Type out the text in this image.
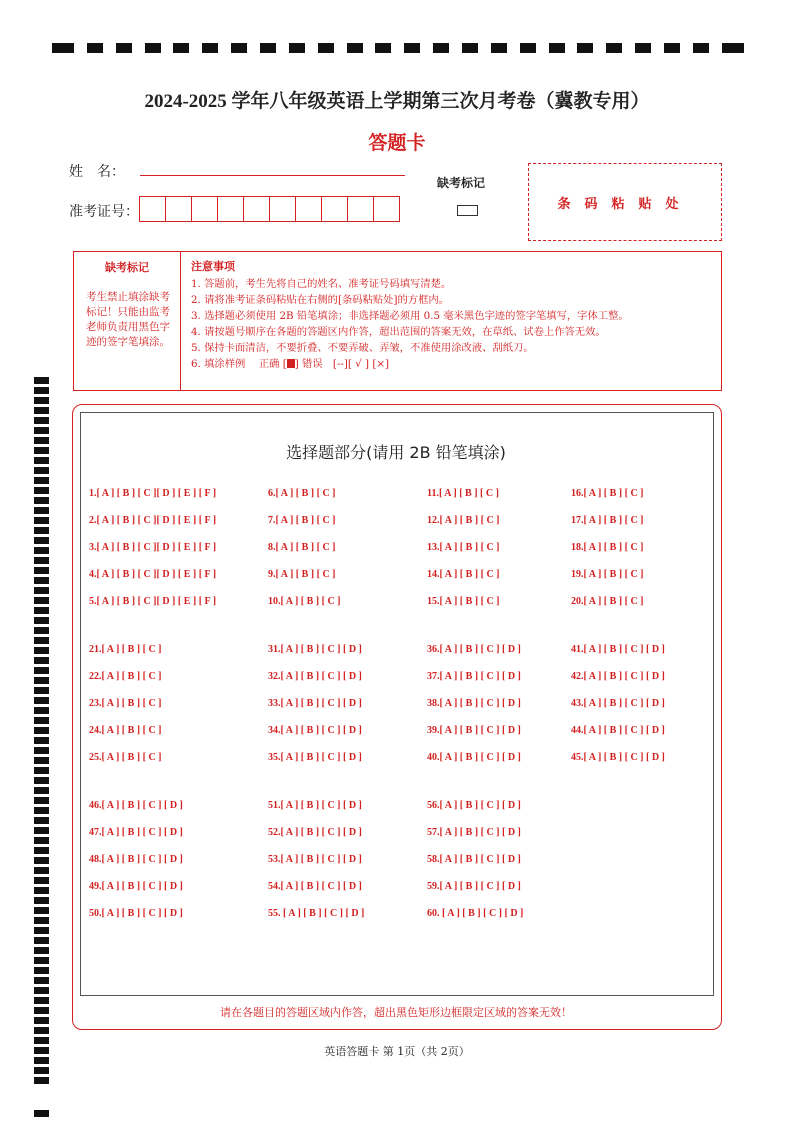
2024-2025 学年八年级英语上学期第三次月考卷（冀教专用）
答题卡
姓　名：
准考证号：
缺考标记
条码粘贴处
缺考标记
考生禁止填涂缺考标记！只能由监考老师负责用黑色字迹的签字笔填涂。
注意事项
1. 答题前，考生先将自己的姓名、准考证号码填写清楚。
2. 请将准考证条码粘贴在右侧的[条码粘贴处]的方框内。
3. 选择题必须使用 2B 铅笔填涂；非选择题必须用 0.5 毫米黑色字迹的签字笔填写，字体工整。
4. 请按题号顺序在各题的答题区内作答，超出范围的答案无效，在草纸、试卷上作答无效。
5. 保持卡面清洁，不要折叠、不要弄破、弄皱，不准使用涂改液、刮纸刀。
6. 填涂样例　 正确 [ ] 错误　[--][ √ ] [×]
选择题部分(请用 2B 铅笔填涂)
1.[ A ] [ B ] [ C ][ D ] [ E ] [ F ]
2.[ A ] [ B ] [ C ][ D ] [ E ] [ F ]
3.[ A ] [ B ] [ C ][ D ] [ E ] [ F ]
4.[ A ] [ B ] [ C ][ D ] [ E ] [ F ]
5.[ A ] [ B ] [ C ][ D ] [ E ] [ F ]
6.[ A ] [ B ] [ C ]
7.[ A ] [ B ] [ C ]
8.[ A ] [ B ] [ C ]
9.[ A ] [ B ] [ C ]
10.[ A ] [ B ] [ C ]
11.[ A ] [ B ] [ C ]
12.[ A ] [ B ] [ C ]
13.[ A ] [ B ] [ C ]
14.[ A ] [ B ] [ C ]
15.[ A ] [ B ] [ C ]
16.[ A ] [ B ] [ C ]
17.[ A ] [ B ] [ C ]
18.[ A ] [ B ] [ C ]
19.[ A ] [ B ] [ C ]
20.[ A ] [ B ] [ C ]
21.[ A ] [ B ] [ C ]
22.[ A ] [ B ] [ C ]
23.[ A ] [ B ] [ C ]
24.[ A ] [ B ] [ C ]
25.[ A ] [ B ] [ C ]
31.[ A ] [ B ] [ C ] [ D ]
32.[ A ] [ B ] [ C ] [ D ]
33.[ A ] [ B ] [ C ] [ D ]
34.[ A ] [ B ] [ C ] [ D ]
35.[ A ] [ B ] [ C ] [ D ]
36.[ A ] [ B ] [ C ] [ D ]
37.[ A ] [ B ] [ C ] [ D ]
38.[ A ] [ B ] [ C ] [ D ]
39.[ A ] [ B ] [ C ] [ D ]
40.[ A ] [ B ] [ C ] [ D ]
41.[ A ] [ B ] [ C ] [ D ]
42.[ A ] [ B ] [ C ] [ D ]
43.[ A ] [ B ] [ C ] [ D ]
44.[ A ] [ B ] [ C ] [ D ]
45.[ A ] [ B ] [ C ] [ D ]
46.[ A ] [ B ] [ C ] [ D ]
47.[ A ] [ B ] [ C ] [ D ]
48.[ A ] [ B ] [ C ] [ D ]
49.[ A ] [ B ] [ C ] [ D ]
50.[ A ] [ B ] [ C ] [ D ]
51.[ A ] [ B ] [ C ] [ D ]
52.[ A ] [ B ] [ C ] [ D ]
53.[ A ] [ B ] [ C ] [ D ]
54.[ A ] [ B ] [ C ] [ D ]
55. [ A ] [ B ] [ C ] [ D ]
56.[ A ] [ B ] [ C ] [ D ]
57.[ A ] [ B ] [ C ] [ D ]
58.[ A ] [ B ] [ C ] [ D ]
59.[ A ] [ B ] [ C ] [ D ]
60. [ A ] [ B ] [ C ] [ D ]
请在各题目的答题区域内作答，超出黑色矩形边框限定区域的答案无效！
英语答题卡 第 1页（共 2页）
